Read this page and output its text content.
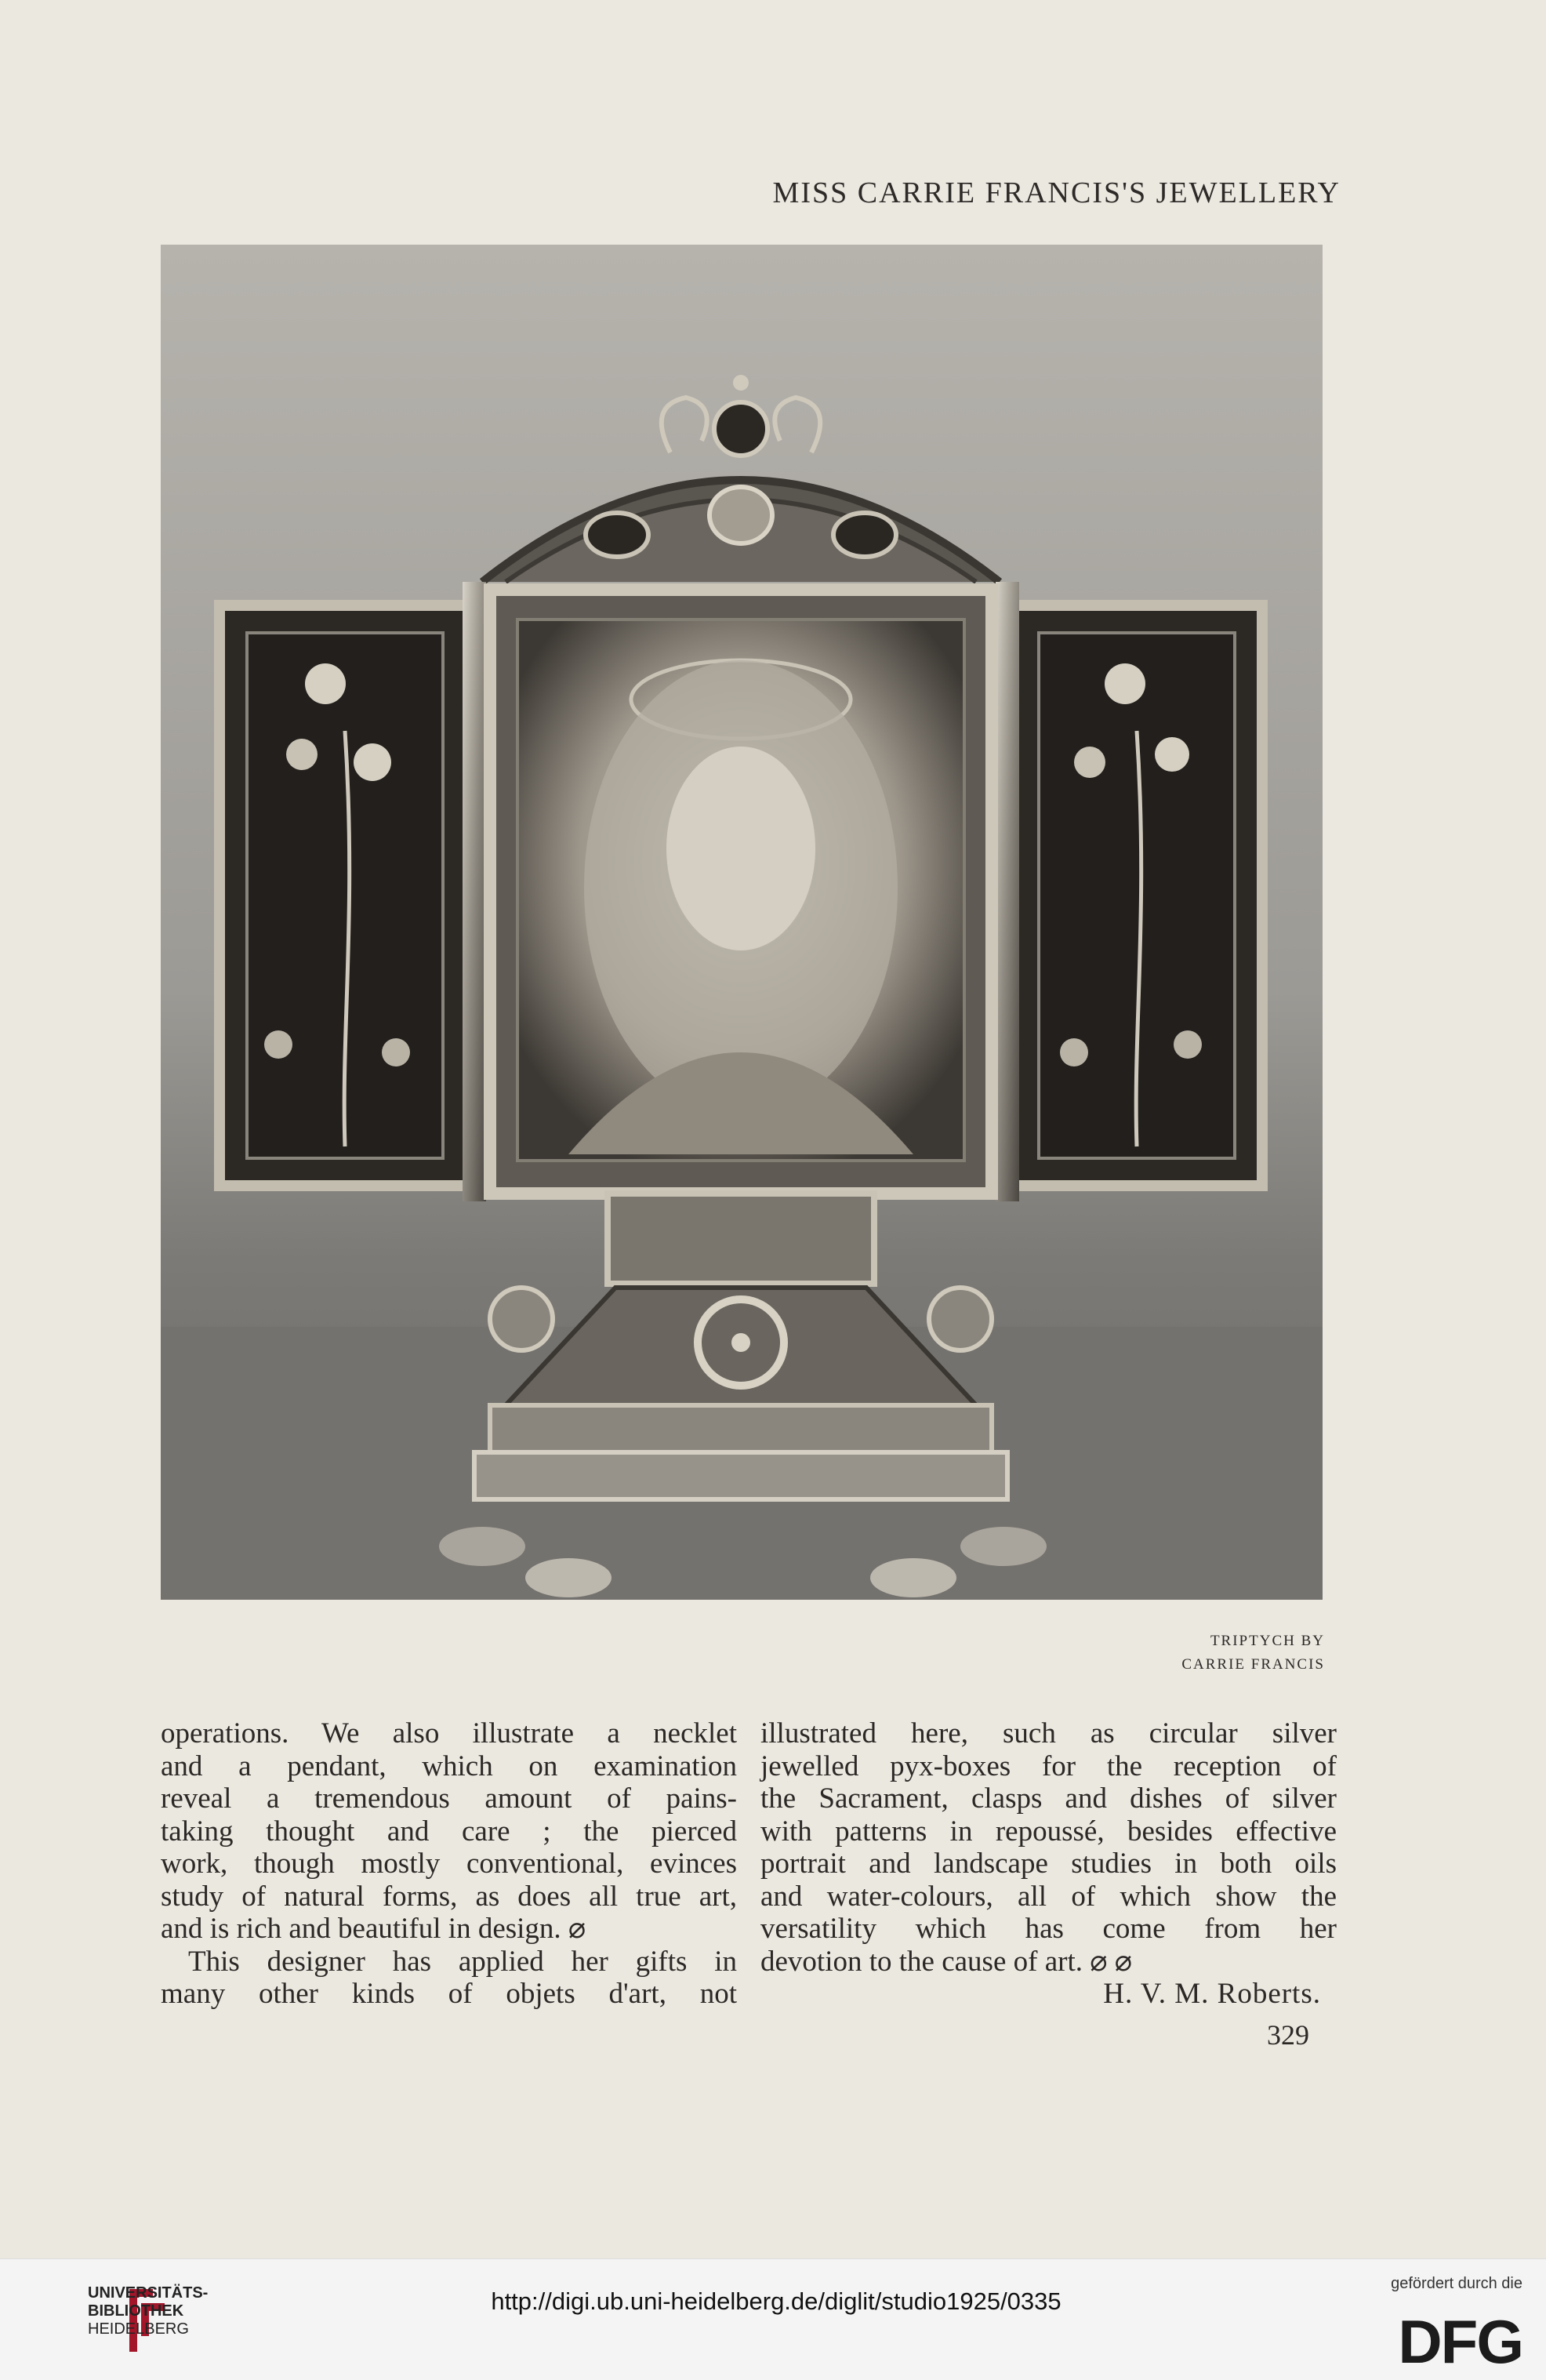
MISS CARRIE FRANCIS'S JEWELLERY
TRIPTYCH BY
CARRIE FRANCIS
operations. We also illustrate a necklet
and a pendant, which on examination
reveal a tremendous amount of pains-
taking thought and care ; the pierced
work, though mostly conventional, evinces
study of natural forms, as does all true art,
and is rich and beautiful in design. ⌀
This designer has applied her gifts in
many other kinds of objets d'art, not
illustrated here, such as circular silver
jewelled pyx-boxes for the reception of
the Sacrament, clasps and dishes of silver
with patterns in repoussé, besides effective
portrait and landscape studies in both oils
and water-colours, all of which show the
versatility which has come from her
devotion to the cause of art. ⌀ ⌀
H. V. M. Roberts.
329
UNIVERSITÄTS-
BIBLIOTHEK
HEIDELBERG
http://digi.ub.uni-heidelberg.de/diglit/studio1925/0335
gefördert durch die
DFG
